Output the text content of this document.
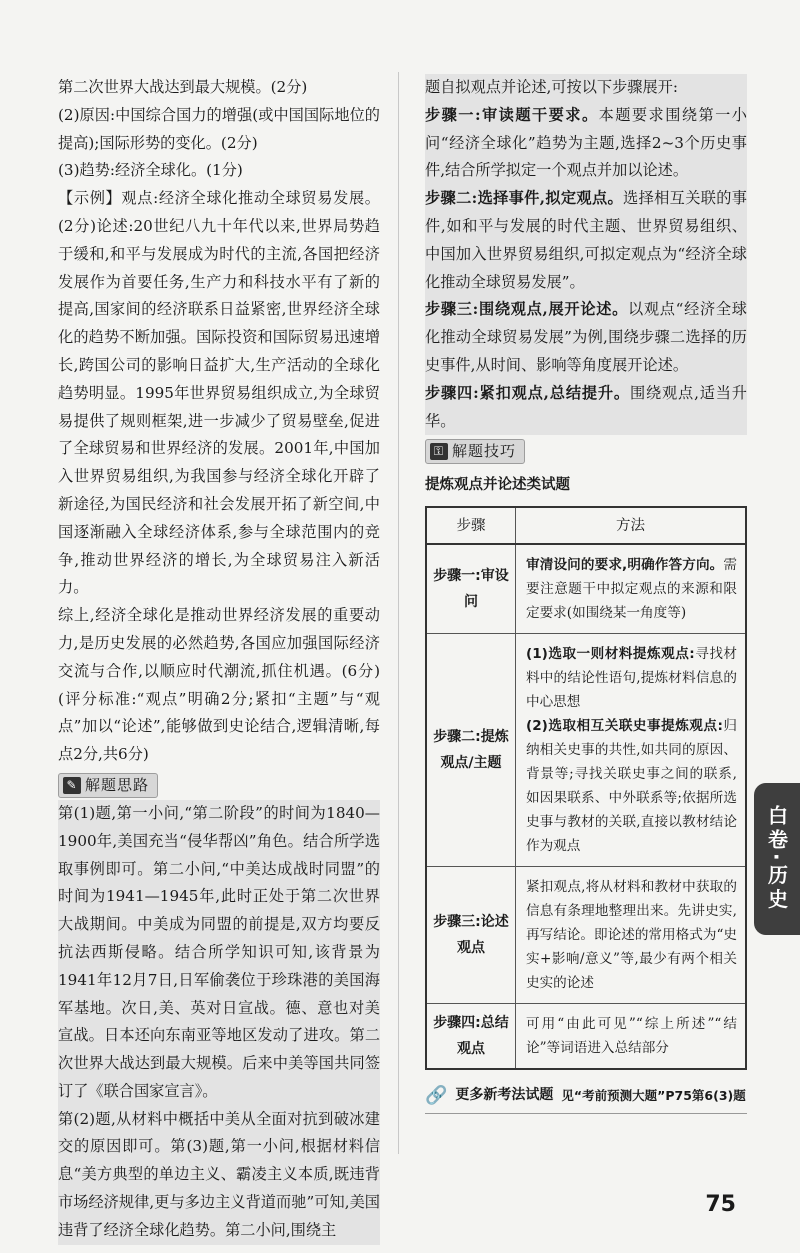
第二次世界大战达到最大规模。(2分)

(2)原因:中国综合国力的增强(或中国国际地位的提高);国际形势的变化。(2分)

(3)趋势:经济全球化。(1分)

【示例】观点:经济全球化推动全球贸易发展。(2分)论述:20世纪八九十年代以来,世界局势趋于缓和,和平与发展成为时代的主流,各国把经济发展作为首要任务,生产力和科技水平有了新的提高,国家间的经济联系日益紧密,世界经济全球化的趋势不断加强。国际投资和国际贸易迅速增长,跨国公司的影响日益扩大,生产活动的全球化趋势明显。1995年世界贸易组织成立,为全球贸易提供了规则框架,进一步减少了贸易壁垒,促进了全球贸易和世界经济的发展。2001年,中国加入世界贸易组织,为我国参与经济全球化开辟了新途径,为国民经济和社会发展开拓了新空间,中国逐渐融入全球经济体系,参与全球范围内的竞争,推动世界经济的增长,为全球贸易注入新活力。

综上,经济全球化是推动世界经济发展的重要动力,是历史发展的必然趋势,各国应加强国际经济交流与合作,以顺应时代潮流,抓住机遇。(6分)(评分标准:“观点”明确2分;紧扣“主题”与“观点”加以“论述”,能够做到史论结合,逻辑清晰,每点2分,共6分)

✎ 解题思路

第(1)题,第一小问,“第二阶段”的时间为1840—1900年,美国充当“侵华帮凶”角色。结合所学选取事例即可。第二小问,“中美达成战时同盟”的时间为1941—1945年,此时正处于第二次世界大战期间。中美成为同盟的前提是,双方均要反抗法西斯侵略。结合所学知识可知,该背景为1941年12月7日,日军偷袭位于珍珠港的美国海军基地。次日,美、英对日宣战。德、意也对美宣战。日本还向东南亚等地区发动了进攻。第二次世界大战达到最大规模。后来中美等国共同签订了《联合国家宣言》。

第(2)题,从材料中概括中美从全面对抗到破冰建交的原因即可。第(3)题,第一小问,根据材料信息“美方典型的单边主义、霸凌主义本质,既违背市场经济规律,更与多边主义背道而驰”可知,美国违背了经济全球化趋势。第二小问,围绕主

题自拟观点并论述,可按以下步骤展开:

步骤一:审读题干要求。本题要求围绕第一小问“经济全球化”趋势为主题,选择2~3个历史事件,结合所学拟定一个观点并加以论述。

步骤二:选择事件,拟定观点。选择相互关联的事件,如和平与发展的时代主题、世界贸易组织、中国加入世界贸易组织,可拟定观点为“经济全球化推动全球贸易发展”。

步骤三:围绕观点,展开论述。以观点“经济全球化推动全球贸易发展”为例,围绕步骤二选择的历史事件,从时间、影响等角度展开论述。

步骤四:紧扣观点,总结提升。围绕观点,适当升华。

⚿ 解题技巧
提炼观点并论述类试题
步骤	方法
步骤一:审设问	审清设问的要求,明确作答方向。需要注意题干中拟定观点的来源和限定要求(如围绕某一角度等)
步骤二:提炼观点/主题	(1)选取一则材料提炼观点:寻找材料中的结论性语句,提炼材料信息的中心思想
(2)选取相互关联史事提炼观点:归纳相关史事的共性,如共同的原因、背景等;寻找关联史事之间的联系,如因果联系、中外联系等;依据所选史事与教材的关联,直接以教材结论作为观点

步骤三:论述观点	紧扣观点,将从材料和教材中获取的信息有条理地整理出来。先讲史实,再写结论。即论述的常用格式为“史实+影响/意义”等,最少有两个相关史实的论述
步骤四:总结观点	可用“由此可见”“综上所述”“结论”等词语进入总结部分
🔗 更多新考法试题 见“考前预测大题”P75第6(3)题
白卷·历史
75
